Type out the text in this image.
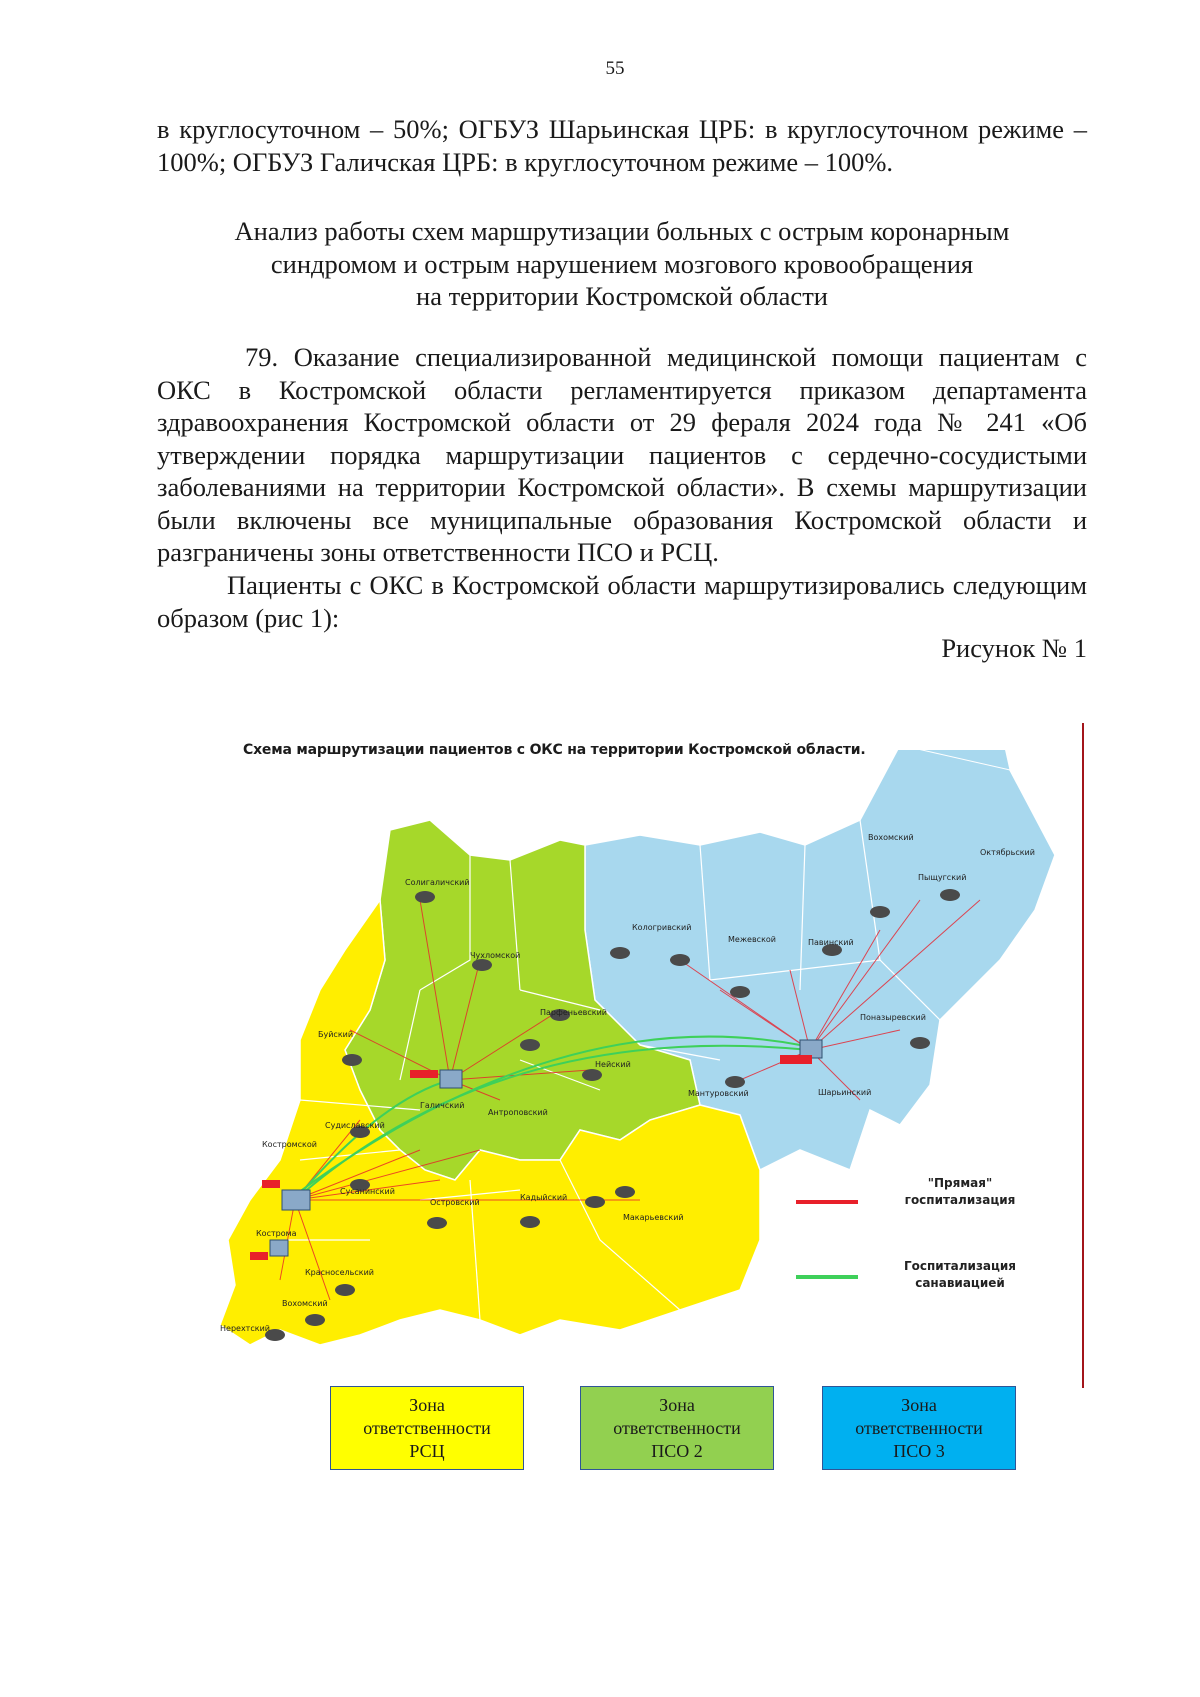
55
в круглосуточном – 50%; ОГБУЗ Шарьинская ЦРБ: в круглосуточном режиме – 100%; ОГБУЗ Галичская ЦРБ: в круглосуточном режиме – 100%.
Анализ работы схем маршрутизации больных с острым коронарным
синдромом и острым нарушением мозгового кровообращения
на территории Костромской области
79. Оказание специализированной медицинской помощи пациентам с ОКС в Костромской области регламентируется приказом департамента здравоохранения Костромской области от 29 фераля 2024 года № 241 «Об утверждении порядка маршрутизации пациентов с сердечно-сосудистыми заболеваниями на территории Костромской области». В схемы маршрутизации были включены все муниципальные образования Костромской области и разграничены зоны ответственности ПСО и РСЦ.
Пациенты с ОКС в Костромской области маршрутизировались следующим образом (рис 1):
Рисунок № 1
Схема маршрутизации пациентов с ОКС на территории Костромской области.
Солигаличский
Чухломской
Буйский
Парфеньевский
Нейский
Галичский
Антроповский
Судиславский
Костромской
Островский
Кадыйский
Макарьевский
Кострома
Сусанинский
Красносельский
Вохомский
Нерехтский
Кологривский
Мантуровский
Межевской	Павинский
Вохомский
Октябрьский
Поназыревский
Шарьинский
Пыщугский
"Прямая"
госпитализация
Госпитализация
санавиацией
Зона
ответственности
РСЦ
Зона
ответственности
ПСО 2
Зона
ответственности
ПСО 3
